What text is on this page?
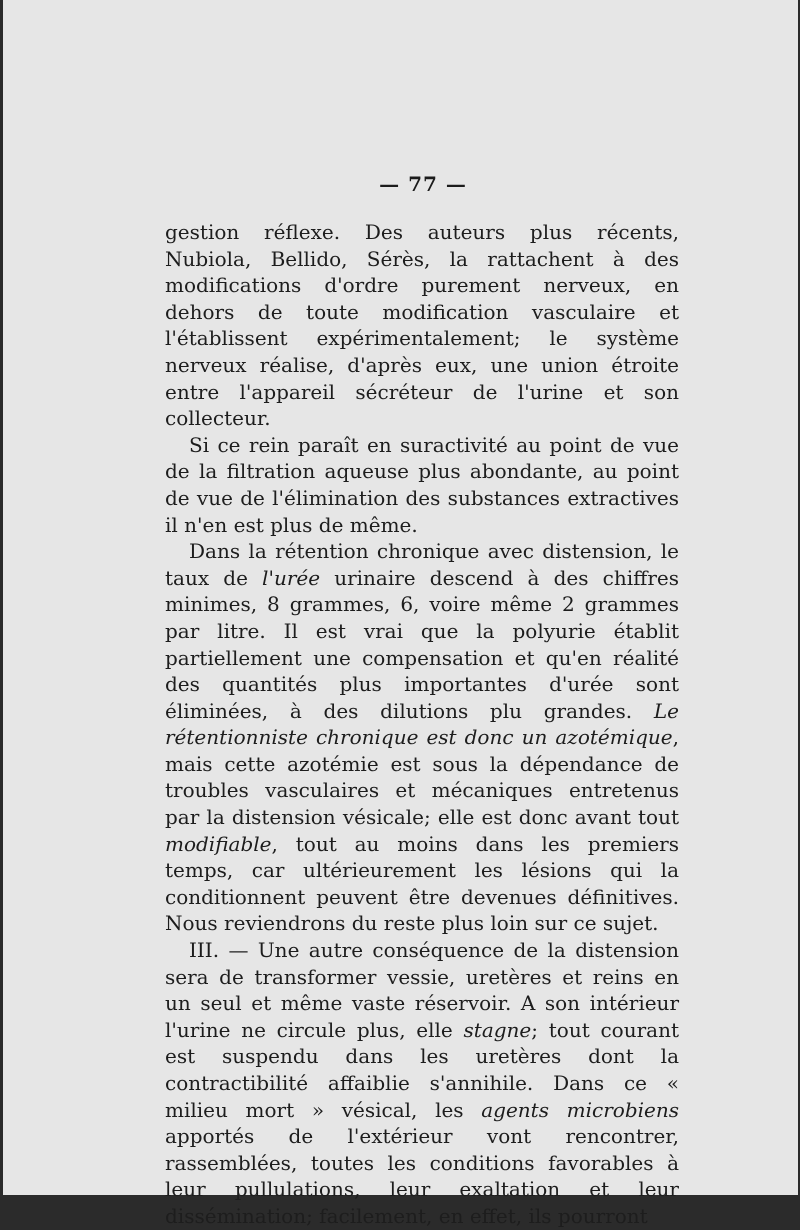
— 77 —

gestion réflexe. Des auteurs plus récents, Nubiola, Bellido, Sérès, la rattachent à des modifications d'ordre purement nerveux, en dehors de toute modification vasculaire et l'établissent expérimentalement; le système nerveux réalise, d'après eux, une union étroite entre l'appareil sécréteur de l'urine et son collecteur.

Si ce rein paraît en suractivité au point de vue de la filtration aqueuse plus abondante, au point de vue de l'élimination des substances extractives il n'en est plus de même.

Dans la rétention chronique avec distension, le taux de l'urée urinaire descend à des chiffres minimes, 8 grammes, 6, voire même 2 grammes par litre. Il est vrai que la polyurie établit partiellement une compensation et qu'en réalité des quantités plus importantes d'urée sont éliminées, à des dilutions plu grandes. Le rétentionniste chronique est donc un azotémique, mais cette azotémie est sous la dépendance de troubles vasculaires et mécaniques entretenus par la distension vésicale; elle est donc avant tout modifiable, tout au moins dans les premiers temps, car ultérieurement les lésions qui la conditionnent peuvent être devenues définitives. Nous reviendrons du reste plus loin sur ce sujet.

III. — Une autre conséquence de la distension sera de transformer vessie, uretères et reins en un seul et même vaste réservoir. A son intérieur l'urine ne circule plus, elle stagne; tout courant est suspendu dans les uretères dont la contractibilité affaiblie s'annihile. Dans ce « milieu mort » vésical, les agents microbiens apportés de l'extérieur vont rencontrer, rassemblées, toutes les conditions favorables à leur pullulations, leur exaltation et leur dissémination; facilement, en effet, ils pourront
